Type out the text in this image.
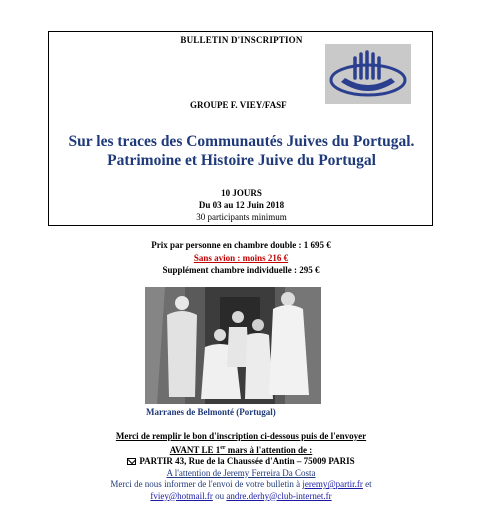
BULLETIN D'INSCRIPTION
GROUPE F. VIEY/FASF
Sur les traces des Communautés Juives du Portugal.
Patrimoine et Histoire Juive du Portugal
10 JOURS
Du 03 au 12 Juin 2018
30 participants minimum
Prix par personne en chambre double : 1 695 €
Sans avion : moins 216 €
Supplément chambre individuelle : 295 €
Marranes de Belmonté (Portugal)
Merci de remplir le bon d'inscription ci-dessous puis de l'envoyer
AVANT LE 1er mars à l'attention de :
PARTIR 43, Rue de la Chaussée d'Antin – 75009 PARIS
A l'attention de Jeremy Ferreira Da Costa
Merci de nous informer de l'envoi de votre bulletin à jeremy@partir.fr et
fviey@hotmail.fr ou andre.derhy@club-internet.fr
